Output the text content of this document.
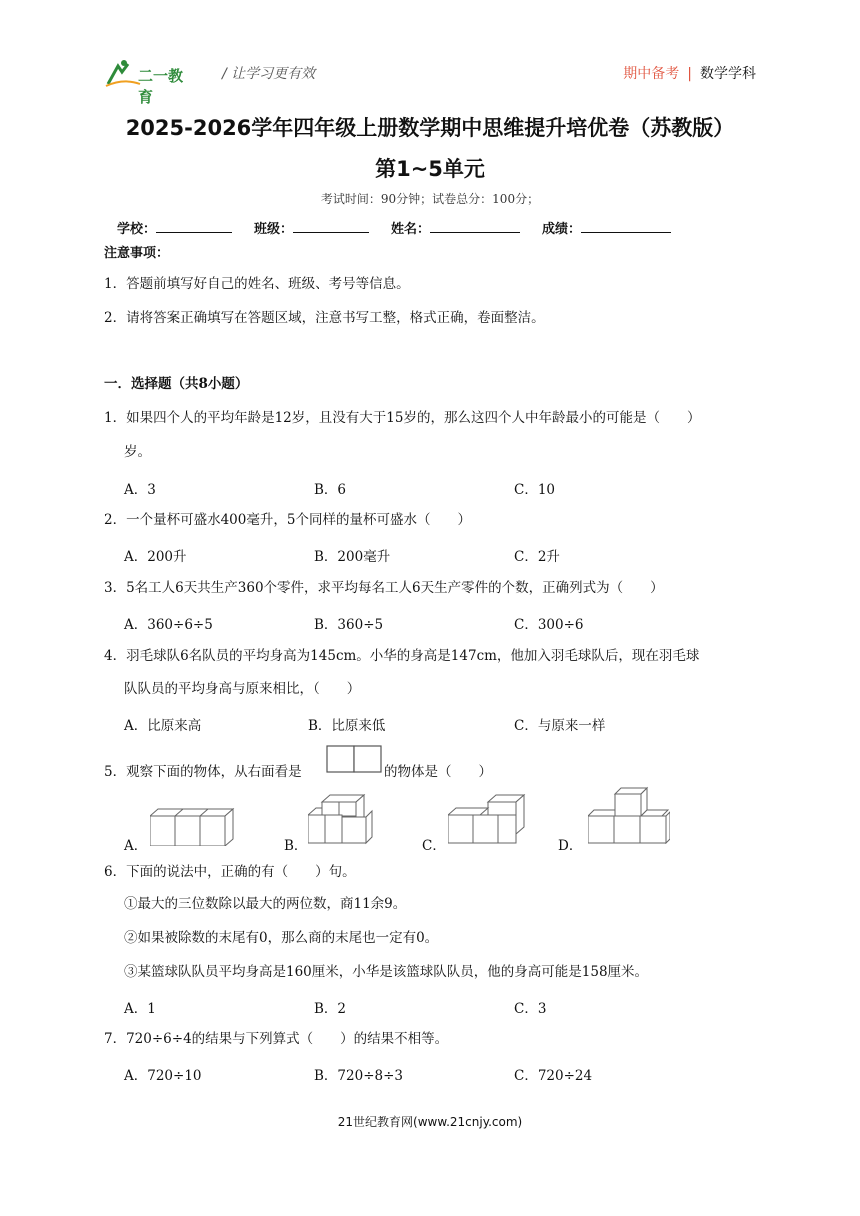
二一教育
/ 让学习更有效	期中备考 | 数学学科
2025-2026学年四年级上册数学期中思维提升培优卷（苏教版）
第1~5单元
考试时间：90分钟；试卷总分：100分；
学校：	班级：	姓名：	成绩：
注意事项：
1．答题前填写好自己的姓名、班级、考号等信息。
2．请将答案正确填写在答题区域，注意书写工整，格式正确，卷面整洁。
一．选择题（共8小题）
1．如果四个人的平均年龄是12岁，且没有大于15岁的，那么这四个人中年龄最小的可能是（　　）
岁。
A．3	B．6	C．10
2．一个量杯可盛水400毫升，5个同样的量杯可盛水（　　）
A．200升	B．200毫升	C．2升
3．5名工人6天共生产360个零件，求平均每名工人6天生产零件的个数，正确列式为（　　）
A．360÷6÷5	B．360÷5	C．300÷6
4．羽毛球队6名队员的平均身高为145cm。小华的身高是147cm，他加入羽毛球队后，现在羽毛球
队队员的平均身高与原来相比，（　　）
A．比原来高	B．比原来低	C．与原来一样
5．观察下面的物体，从右面看是	的物体是（　　）
A．	B．	C．	D．
6．下面的说法中，正确的有（　　）句。
①最大的三位数除以最大的两位数，商11余9。
②如果被除数的末尾有0，那么商的末尾也一定有0。
③某篮球队队员平均身高是160厘米，小华是该篮球队队员，他的身高可能是158厘米。
A．1	B．2	C．3
7．720÷6÷4的结果与下列算式（　　）的结果不相等。
A．720÷10	B．720÷8÷3	C．720÷24
21世纪教育网(www.21cnjy.com)
